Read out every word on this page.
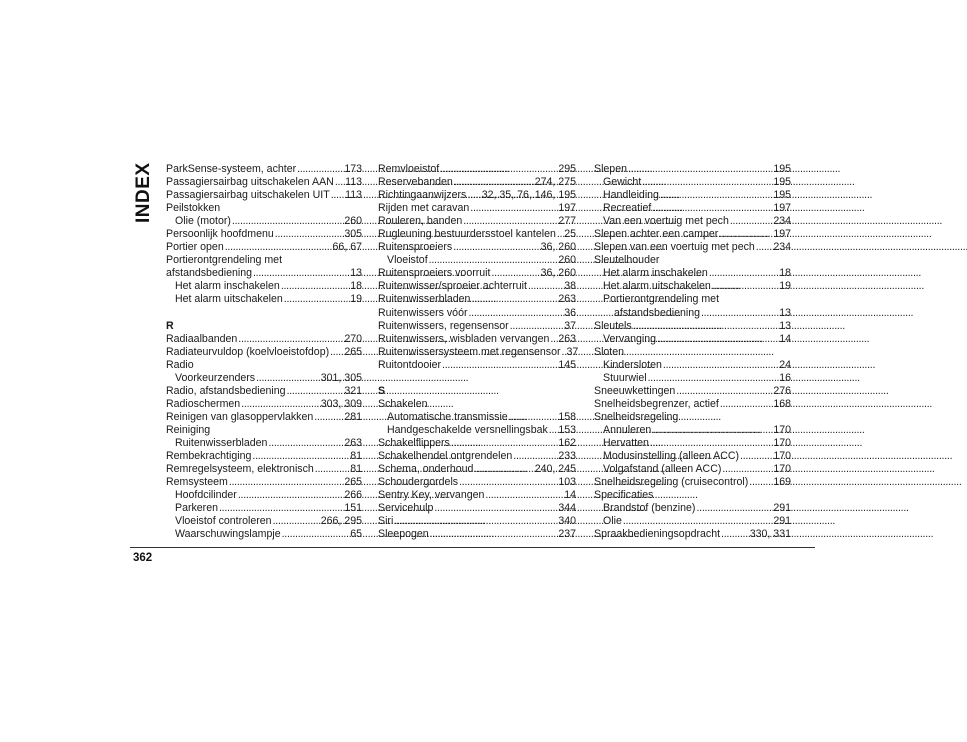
INDEX	ParkSense-systeem, achter . . .	173
Passagiersairbag uitschakelen AAN . . . 113
Passagiersairbag uitschakelen UIT . . . 113
Peilstokken
Olie (motor) . . .	260
Persoonlijk hoofdmenu . . .	305
Portier open . . .	66, 67
Portierontgrendeling met
afstandsbediening . . .	13
Het alarm inschakelen . . .	18
Het alarm uitschakelen . . .	19
R
Radiaalbanden . . .	270
Radiateurvuldop (koelvloeistofdop) . . . 265
Radio
Voorkeurzenders . . .	301, 305
Radio, afstandsbediening . . .	321
Radioschermen . . .	303, 309
Reinigen van glasoppervlakken . . .	281
Reiniging
Ruitenwisserbladen . . .	263
Rembekrachtiging . . .	81
Remregelsysteem, elektronisch . . .	81
Remsysteem . . .	265
Hoofdcilinder . . .	266
Parkeren . . .	151
Vloeistof controleren . . .	266, 295
Waarschuwingslampje . . .	65
Remvloeistof . . .	295
Reservebanden . . .	274, 275
Richtingaanwijzers . . . 32, 35, 76, 146, 195
Rijden met caravan . . .	197
Rouleren, banden . . .	277
Rugleuning bestuurdersstoel kantelen . . . 25
Ruitensproeiers . . .	36, 260
Vloeistof . . .	260
Ruitensproeiers voorruit . . .	36, 260
Ruitenwisser/sproeier achterruit . . .	38
Ruitenwisserbladen . . .	263
Ruitenwissers vóór . . .	36
Ruitenwissers, regensensor . . .	37
Ruitenwissers, wisbladen vervangen . . . 263
Ruitenwissersysteem met regensensor . . . 37
Ruitontdooier . . .	145
S
Schakelen
Automatische transmissie . . .	158
Handgeschakelde versnellingsbak . . . 153
Schakelflippers . . .	162
Schakelhendel ontgrendelen . . .	233
Schema, onderhoud . . .	240, 245
Schoudergordels . . .	103
Sentry Key, vervangen . . .	14
Servicehulp . . .	344
Siri . . .	340
Sleepogen . . .	237
Slepen . . .	195
Gewicht . . .	195
Handleiding . . .	195
Recreatief . . .	197
Van een voertuig met pech . . .	234
Slepen achter een camper . . .	197
Slepen van een voertuig met pech . . . 234
Sleutelhouder
Het alarm inschakelen . . .	18
Het alarm uitschakelen . . .	19
Portierontgrendeling met
afstandsbediening . . .	13
Sleutels . . .	13
Vervanging . . .	14
Sloten
Kindersloten . . .	24
Stuurwiel . . .	16
Sneeuwkettingen . . .	276
Snelheidsbegrenzer, actief . . .	168
Snelheidsregeling
Annuleren . . .	170
Hervatten . . .	170
Modusinstelling (alleen ACC) . . .	170
Volgafstand (alleen ACC) . . .	170
Snelheidsregeling (cruisecontrol) . . . 169
Specificaties
Brandstof (benzine) . . .	291
Olie . . .	291
Spraakbedieningsopdracht . . .	330, 331
362
